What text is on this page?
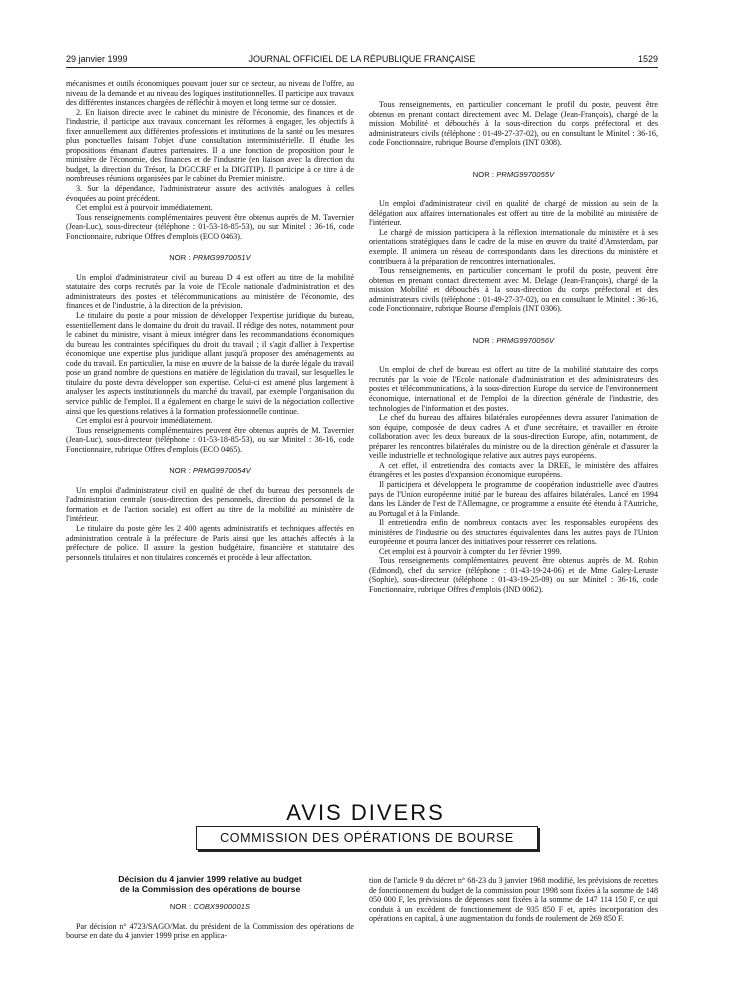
29 janvier 1999	JOURNAL OFFICIEL DE LA RÉPUBLIQUE FRANÇAISE	1529

mécanismes et outils économiques pouvant jouer sur ce secteur, au niveau de l'offre, au niveau de la demande et au niveau des logiques institutionnelles. Il participe aux travaux des différentes instances chargées de réfléchir à moyen et long terme sur ce dossier.

2. En liaison directe avec le cabinet du ministre de l'économie, des finances et de l'industrie, il participe aux travaux concernant les réformes à engager, les objectifs à fixer annuellement aux différentes professions et institutions de la santé ou les mesures plus ponctuelles faisant l'objet d'une consultation interministérielle. Il étudie les propositions émanant d'autres partenaires. Il a une fonction de proposition pour le ministère de l'économie, des finances et de l'industrie (en liaison avec la direction du budget, la direction du Trésor, la DGCCRF et la DIGITIP). Il participe à ce titre à de nombreuses réunions organisées par le cabinet du Premier ministre.

3. Sur la dépendance, l'administrateur assure des activités analogues à celles évoquées au point précédent.

Cet emploi est à pourvoir immédiatement.

Tous renseignements complémentaires peuvent être obtenus auprès de M. Tavernier (Jean-Luc), sous-directeur (téléphone : 01-53-18-85-53), ou sur Minitel : 36-16, code Fonctionnaire, rubrique Offres d'emplois (ECO 0463).

NOR : PRMG9970051V

Un emploi d'administrateur civil au bureau D 4 est offert au titre de la mobilité statutaire des corps recrutés par la voie de l'Ecole nationale d'administration et des administrateurs des postes et télécommunications au ministère de l'économie, des finances et de l'industrie, à la direction de la prévision.

Le titulaire du poste a pour mission de développer l'expertise juridique du bureau, essentiellement dans le domaine du droit du travail. Il rédige des notes, notamment pour le cabinet du ministre, visant à mieux intégrer dans les recommandations économiques du bureau les contraintes spécifiques du droit du travail ; il s'agit d'allier à l'expertise économique une expertise plus juridique allant jusqu'à proposer des aménagements au code du travail. En particulier, la mise en œuvre de la baisse de la durée légale du travail pose un grand nombre de questions en matière de législation du travail, sur lesquelles le titulaire du poste devra développer son expertise. Celui-ci est amené plus largement à analyser les aspects institutionnels du marché du travail, par exemple l'organisation du service public de l'emploi. Il a également en charge le suivi de la négociation collective ainsi que les questions relatives à la formation professionnelle continue.

Cet emploi est à pourvoir immédiatement.

Tous renseignements complémentaires peuvent être obtenus auprès de M. Tavernier (Jean-Luc), sous-directeur (téléphone : 01-53-18-85-53), ou sur Minitel : 36-16, code Fonctionnaire, rubrique Offres d'emplois (ECO 0465).

NOR : PRMG9970054V

Un emploi d'administrateur civil en qualité de chef du bureau des personnels de l'administration centrale (sous-direction des personnels, direction du personnel de la formation et de l'action sociale) est offert au titre de la mobilité au ministère de l'intérieur.

Le titulaire du poste gère les 2 400 agents administratifs et techniques affectés en administration centrale à la préfecture de Paris ainsi que les attachés affectés à la préfecture de police. Il assure la gestion budgétaire, financière et statutaire des personnels titulaires et non titulaires concernés et procède à leur affectation.

Tous renseignements, en particulier concernant le profil du poste, peuvent être obtenus en prenant contact directement avec M. Delage (Jean-François), chargé de la mission Mobilité et débouchés à la sous-direction du corps préfectoral et des administrateurs civils (téléphone : 01-49-27-37-02), ou en consultant le Minitel : 36-16, code Fonctionnaire, rubrique Bourse d'emplois (INT 0308).

NOR : PRMG9970055V

Un emploi d'administrateur civil en qualité de chargé de mission au sein de la délégation aux affaires internationales est offert au titre de la mobilité au ministère de l'intérieur.

Le chargé de mission participera à la réflexion internationale du ministère et à ses orientations stratégiques dans le cadre de la mise en œuvre du traité d'Amsterdam, par exemple. Il animera un réseau de correspondants dans les directions du ministère et contribuera à la préparation de rencontres internationales.

Tous renseignements, en particulier concernant le profil du poste, peuvent être obtenus en prenant contact directement avec M. Delage (Jean-François), chargé de la mission Mobilité et débouchés à la sous-direction du corps préfectoral et des administrateurs civils (téléphone : 01-49-27-37-02), ou en consultant le Minitel : 36-16, code Fonctionnaire, rubrique Bourse d'emplois (INT 0306).

NOR : PRMG9970056V

Un emploi de chef de bureau est offert au titre de la mobilité statutaire des corps recrutés par la voie de l'Ecole nationale d'administration et des administrateurs des postes et télécommunications, à la sous-direction Europe du service de l'environnement économique, international et de l'emploi de la direction générale de l'industrie, des technologies de l'information et des postes.

Le chef du bureau des affaires bilatérales européennes devra assurer l'animation de son équipe, composée de deux cadres A et d'une secrétaire, et travailler en étroite collaboration avec les deux bureaux de la sous-direction Europe, afin, notamment, de préparer les rencontres bilatérales du ministre ou de la direction générale et d'assurer la veille industrielle et technologique relative aux autres pays européens.

A cet effet, il entretiendra des contacts avec la DREE, le ministère des affaires étrangères et les postes d'expansion économique européens.

Il participera et développera le programme de coopération industrielle avec d'autres pays de l'Union européenne initié par le bureau des affaires bilatérales. Lancé en 1994 dans les Länder de l'est de l'Allemagne, ce programme a ensuite été étendu à l'Autriche, au Portugal et à la Finlande.

Il entretiendra enfin de nombreux contacts avec les responsables européens des ministères de l'industrie ou des structures équivalentes dans les autres pays de l'Union européenne et pourra lancer des initiatives pour resserrer ces relations.

Cet emploi est à pourvoir à compter du 1er février 1999.

Tous renseignements complémentaires peuvent être obtenus auprès de M. Robin (Edmond), chef du service (téléphone : 01-43-19-24-06) et de Mme Galey-Leruste (Sophie), sous-directeur (téléphone : 01-43-19-25-09) ou sur Minitel : 36-16, code Fonctionnaire, rubrique Offres d'emplois (IND 0062).

AVIS DIVERS
COMMISSION DES OPÉRATIONS DE BOURSE
Décision du 4 janvier 1999 relative au budget
de la Commission des opérations de bourse
NOR : COBX9900001S

Par décision n° 4723/SAGO/Mat. du président de la Commission des opérations de bourse en date du 4 janvier 1999 prise en applica-

tion de l'article 9 du décret n° 68-23 du 3 janvier 1968 modifié, les prévisions de recettes de fonctionnement du budget de la commission pour 1998 sont fixées à la somme de 148 050 000 F, les prévisions de dépenses sont fixées à la somme de 147 114 150 F, ce qui conduit à un excédent de fonctionnement de 935 850 F et, après incorporation des opérations en capital, à une augmentation du fonds de roulement de 269 850 F.
